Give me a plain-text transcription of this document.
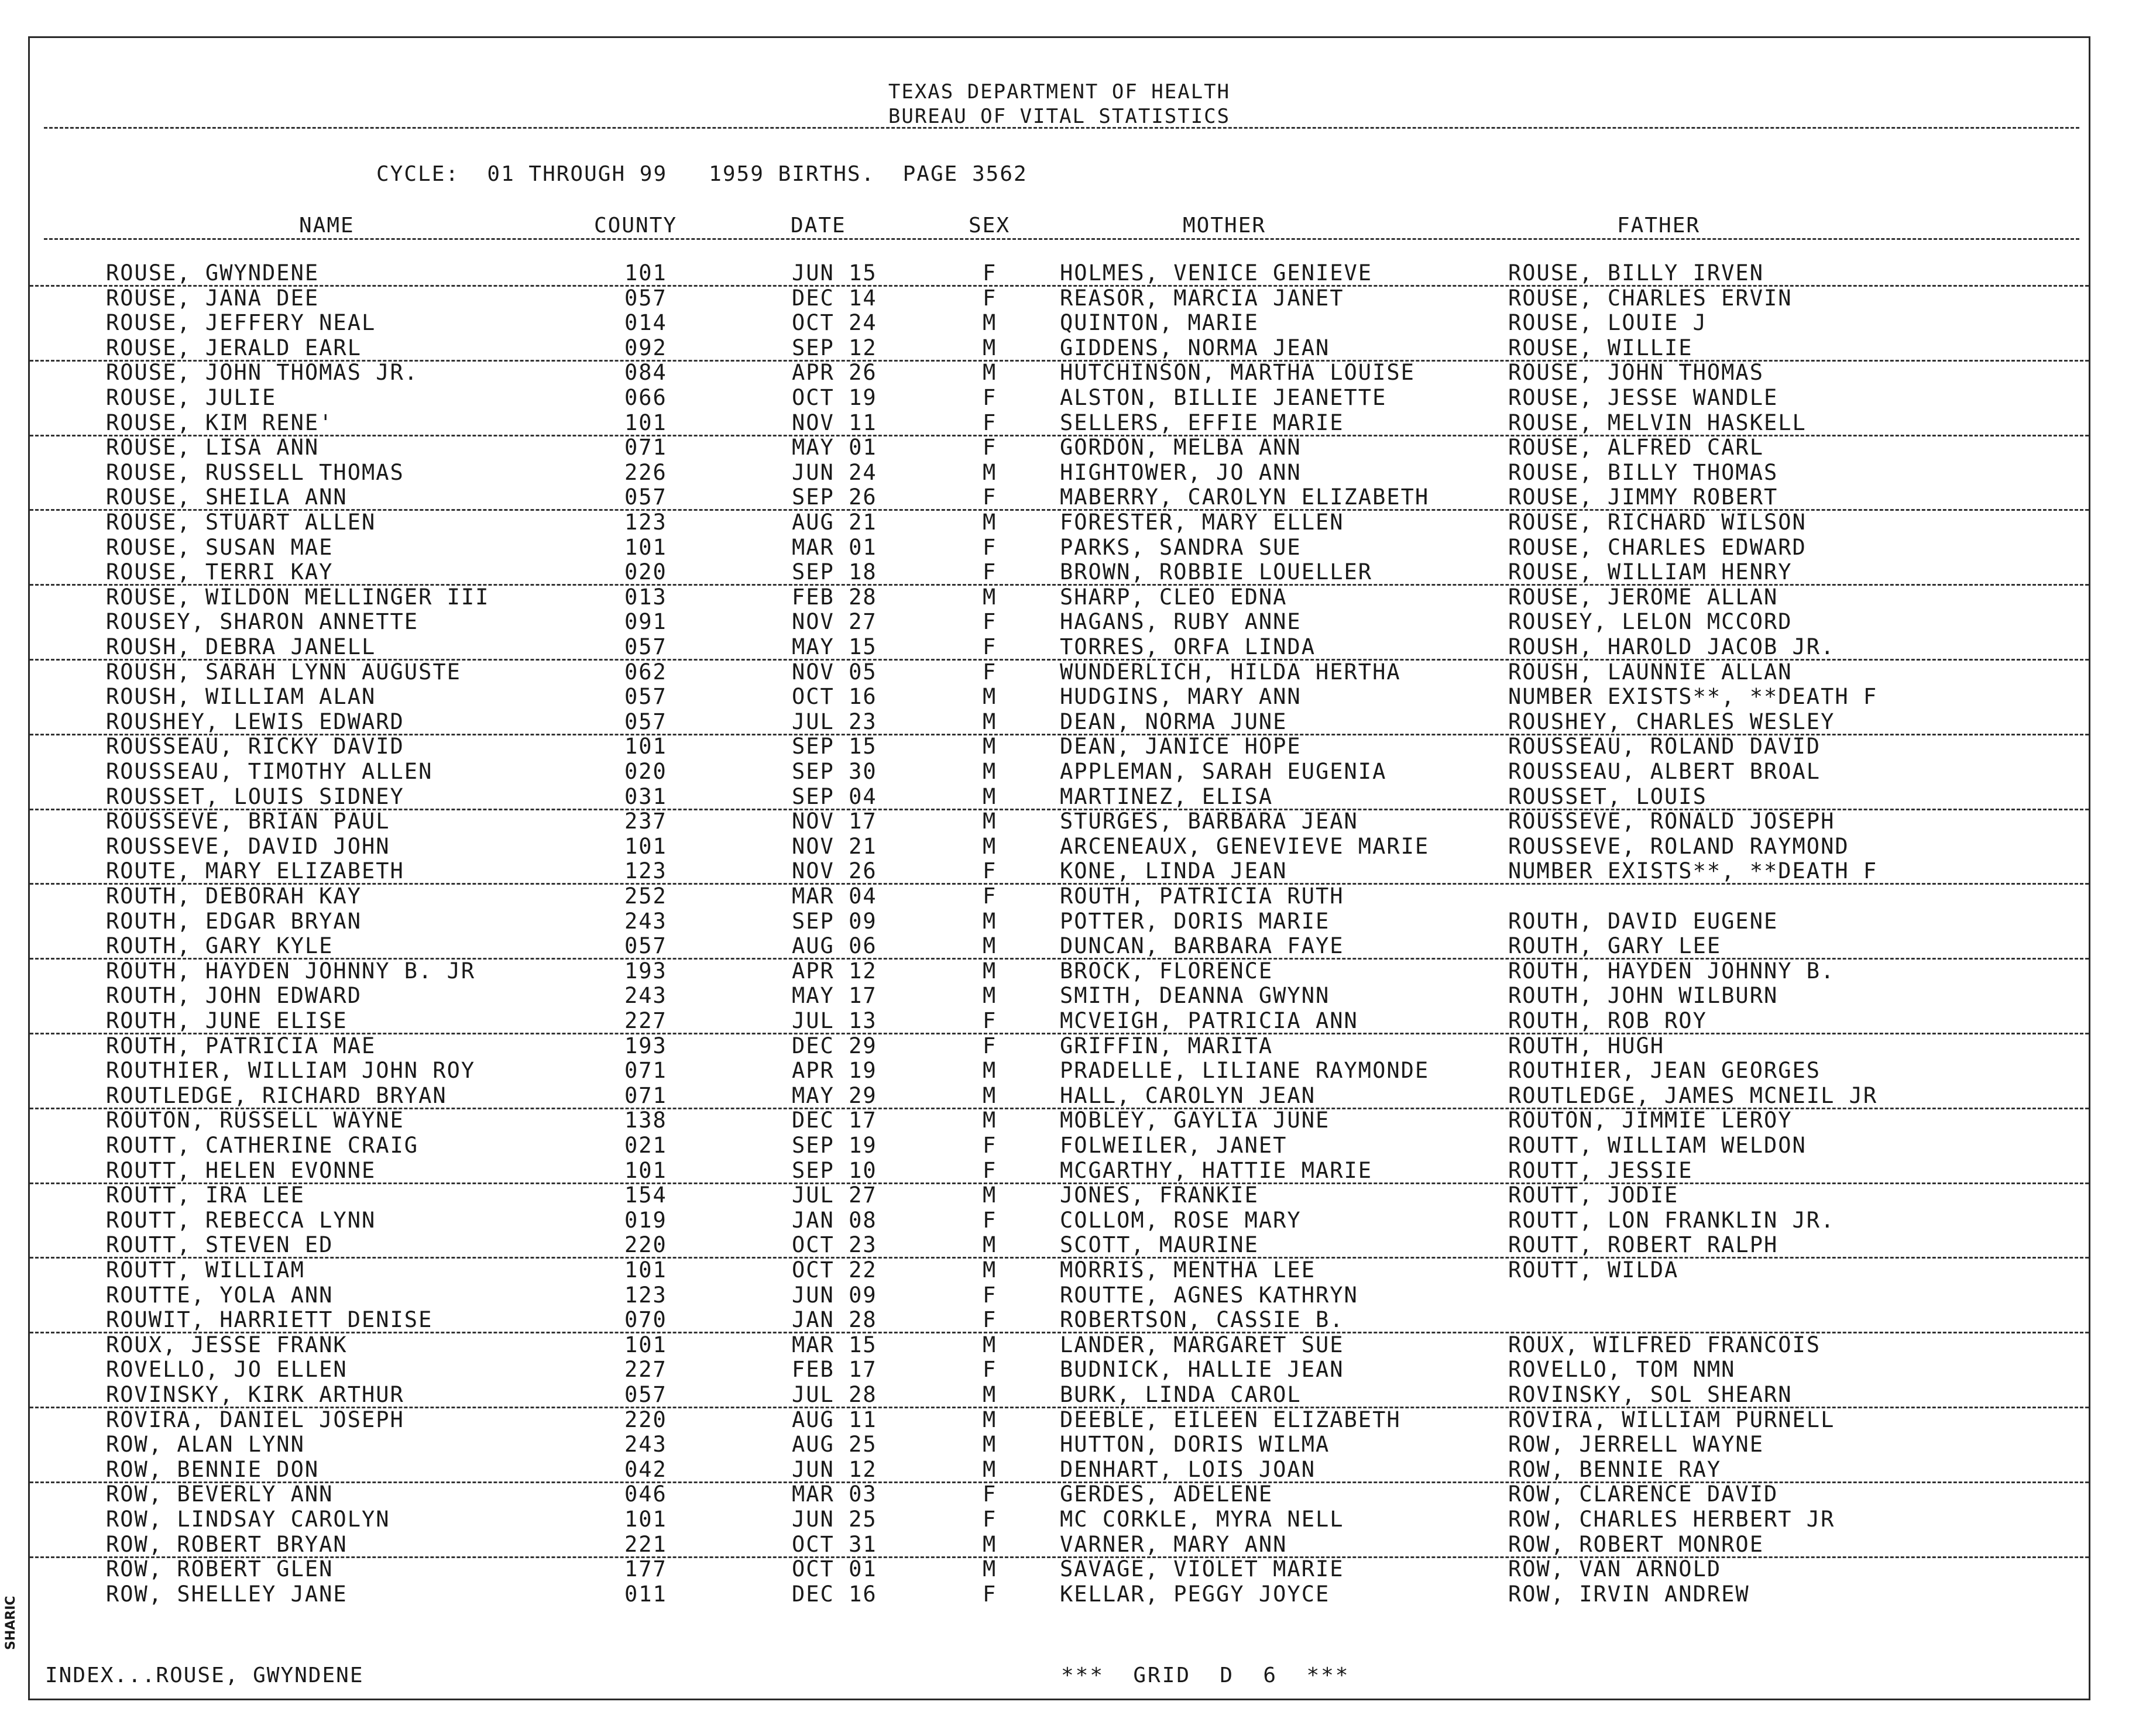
TEXAS DEPARTMENT OF HEALTH
BUREAU OF VITAL STATISTICS
CYCLE:  01 THROUGH 99   1959 BIRTHS.  PAGE 3562
NAME	COUNTY	DATE	SEX	MOTHER	FATHER
ROUSE, GWYNDENE	101	JUN 15	F	HOLMES, VENICE GENIEVE	ROUSE, BILLY IRVEN
ROUSE, JANA DEE	057	DEC 14	F	REASOR, MARCIA JANET	ROUSE, CHARLES ERVIN
ROUSE, JEFFERY NEAL	014	OCT 24	M	QUINTON, MARIE	ROUSE, LOUIE J
ROUSE, JERALD EARL	092	SEP 12	M	GIDDENS, NORMA JEAN	ROUSE, WILLIE
ROUSE, JOHN THOMAS JR.	084	APR 26	M	HUTCHINSON, MARTHA LOUISE	ROUSE, JOHN THOMAS
ROUSE, JULIE	066	OCT 19	F	ALSTON, BILLIE JEANETTE	ROUSE, JESSE WANDLE
ROUSE, KIM RENE'	101	NOV 11	F	SELLERS, EFFIE MARIE	ROUSE, MELVIN HASKELL
ROUSE, LISA ANN	071	MAY 01	F	GORDON, MELBA ANN	ROUSE, ALFRED CARL
ROUSE, RUSSELL THOMAS	226	JUN 24	M	HIGHTOWER, JO ANN	ROUSE, BILLY THOMAS
ROUSE, SHEILA ANN	057	SEP 26	F	MABERRY, CAROLYN ELIZABETH	ROUSE, JIMMY ROBERT
ROUSE, STUART ALLEN	123	AUG 21	M	FORESTER, MARY ELLEN	ROUSE, RICHARD WILSON
ROUSE, SUSAN MAE	101	MAR 01	F	PARKS, SANDRA SUE	ROUSE, CHARLES EDWARD
ROUSE, TERRI KAY	020	SEP 18	F	BROWN, ROBBIE LOUELLER	ROUSE, WILLIAM HENRY
ROUSE, WILDON MELLINGER III	013	FEB 28	M	SHARP, CLEO EDNA	ROUSE, JEROME ALLAN
ROUSEY, SHARON ANNETTE	091	NOV 27	F	HAGANS, RUBY ANNE	ROUSEY, LELON MCCORD
ROUSH, DEBRA JANELL	057	MAY 15	F	TORRES, ORFA LINDA	ROUSH, HAROLD JACOB JR.
ROUSH, SARAH LYNN AUGUSTE	062	NOV 05	F	WUNDERLICH, HILDA HERTHA	ROUSH, LAUNNIE ALLAN
ROUSH, WILLIAM ALAN	057	OCT 16	M	HUDGINS, MARY ANN	NUMBER EXISTS**, **DEATH F
ROUSHEY, LEWIS EDWARD	057	JUL 23	M	DEAN, NORMA JUNE	ROUSHEY, CHARLES WESLEY
ROUSSEAU, RICKY DAVID	101	SEP 15	M	DEAN, JANICE HOPE	ROUSSEAU, ROLAND DAVID
ROUSSEAU, TIMOTHY ALLEN	020	SEP 30	M	APPLEMAN, SARAH EUGENIA	ROUSSEAU, ALBERT BROAL
ROUSSET, LOUIS SIDNEY	031	SEP 04	M	MARTINEZ, ELISA	ROUSSET, LOUIS
ROUSSEVE, BRIAN PAUL	237	NOV 17	M	STURGES, BARBARA JEAN	ROUSSEVE, RONALD JOSEPH
ROUSSEVE, DAVID JOHN	101	NOV 21	M	ARCENEAUX, GENEVIEVE MARIE	ROUSSEVE, ROLAND RAYMOND
ROUTE, MARY ELIZABETH	123	NOV 26	F	KONE, LINDA JEAN	NUMBER EXISTS**, **DEATH F
ROUTH, DEBORAH KAY	252	MAR 04	F	ROUTH, PATRICIA RUTH
ROUTH, EDGAR BRYAN	243	SEP 09	M	POTTER, DORIS MARIE	ROUTH, DAVID EUGENE
ROUTH, GARY KYLE	057	AUG 06	M	DUNCAN, BARBARA FAYE	ROUTH, GARY LEE
ROUTH, HAYDEN JOHNNY B. JR	193	APR 12	M	BROCK, FLORENCE	ROUTH, HAYDEN JOHNNY B.
ROUTH, JOHN EDWARD	243	MAY 17	M	SMITH, DEANNA GWYNN	ROUTH, JOHN WILBURN
ROUTH, JUNE ELISE	227	JUL 13	F	MCVEIGH, PATRICIA ANN	ROUTH, ROB ROY
ROUTH, PATRICIA MAE	193	DEC 29	F	GRIFFIN, MARITA	ROUTH, HUGH
ROUTHIER, WILLIAM JOHN ROY	071	APR 19	M	PRADELLE, LILIANE RAYMONDE	ROUTHIER, JEAN GEORGES
ROUTLEDGE, RICHARD BRYAN	071	MAY 29	M	HALL, CAROLYN JEAN	ROUTLEDGE, JAMES MCNEIL JR
ROUTON, RUSSELL WAYNE	138	DEC 17	M	MOBLEY, GAYLIA JUNE	ROUTON, JIMMIE LEROY
ROUTT, CATHERINE CRAIG	021	SEP 19	F	FOLWEILER, JANET	ROUTT, WILLIAM WELDON
ROUTT, HELEN EVONNE	101	SEP 10	F	MCGARTHY, HATTIE MARIE	ROUTT, JESSIE
ROUTT, IRA LEE	154	JUL 27	M	JONES, FRANKIE	ROUTT, JODIE
ROUTT, REBECCA LYNN	019	JAN 08	F	COLLOM, ROSE MARY	ROUTT, LON FRANKLIN JR.
ROUTT, STEVEN ED	220	OCT 23	M	SCOTT, MAURINE	ROUTT, ROBERT RALPH
ROUTT, WILLIAM	101	OCT 22	M	MORRIS, MENTHA LEE	ROUTT, WILDA
ROUTTE, YOLA ANN	123	JUN 09	F	ROUTTE, AGNES KATHRYN
ROUWIT, HARRIETT DENISE	070	JAN 28	F	ROBERTSON, CASSIE B.
ROUX, JESSE FRANK	101	MAR 15	M	LANDER, MARGARET SUE	ROUX, WILFRED FRANCOIS
ROVELLO, JO ELLEN	227	FEB 17	F	BUDNICK, HALLIE JEAN	ROVELLO, TOM NMN
ROVINSKY, KIRK ARTHUR	057	JUL 28	M	BURK, LINDA CAROL	ROVINSKY, SOL SHEARN
ROVIRA, DANIEL JOSEPH	220	AUG 11	M	DEEBLE, EILEEN ELIZABETH	ROVIRA, WILLIAM PURNELL
ROW, ALAN LYNN	243	AUG 25	M	HUTTON, DORIS WILMA	ROW, JERRELL WAYNE
ROW, BENNIE DON	042	JUN 12	M	DENHART, LOIS JOAN	ROW, BENNIE RAY
ROW, BEVERLY ANN	046	MAR 03	F	GERDES, ADELENE	ROW, CLARENCE DAVID
ROW, LINDSAY CAROLYN	101	JUN 25	F	MC CORKLE, MYRA NELL	ROW, CHARLES HERBERT JR
ROW, ROBERT BRYAN	221	OCT 31	M	VARNER, MARY ANN	ROW, ROBERT MONROE
ROW, ROBERT GLEN	177	OCT 01	M	SAVAGE, VIOLET MARIE	ROW, VAN ARNOLD
ROW, SHELLEY JANE	011	DEC 16	F	KELLAR, PEGGY JOYCE	ROW, IRVIN ANDREW
INDEX...ROUSE, GWYNDENE	***  GRID  D  6  ***
SHARIC
